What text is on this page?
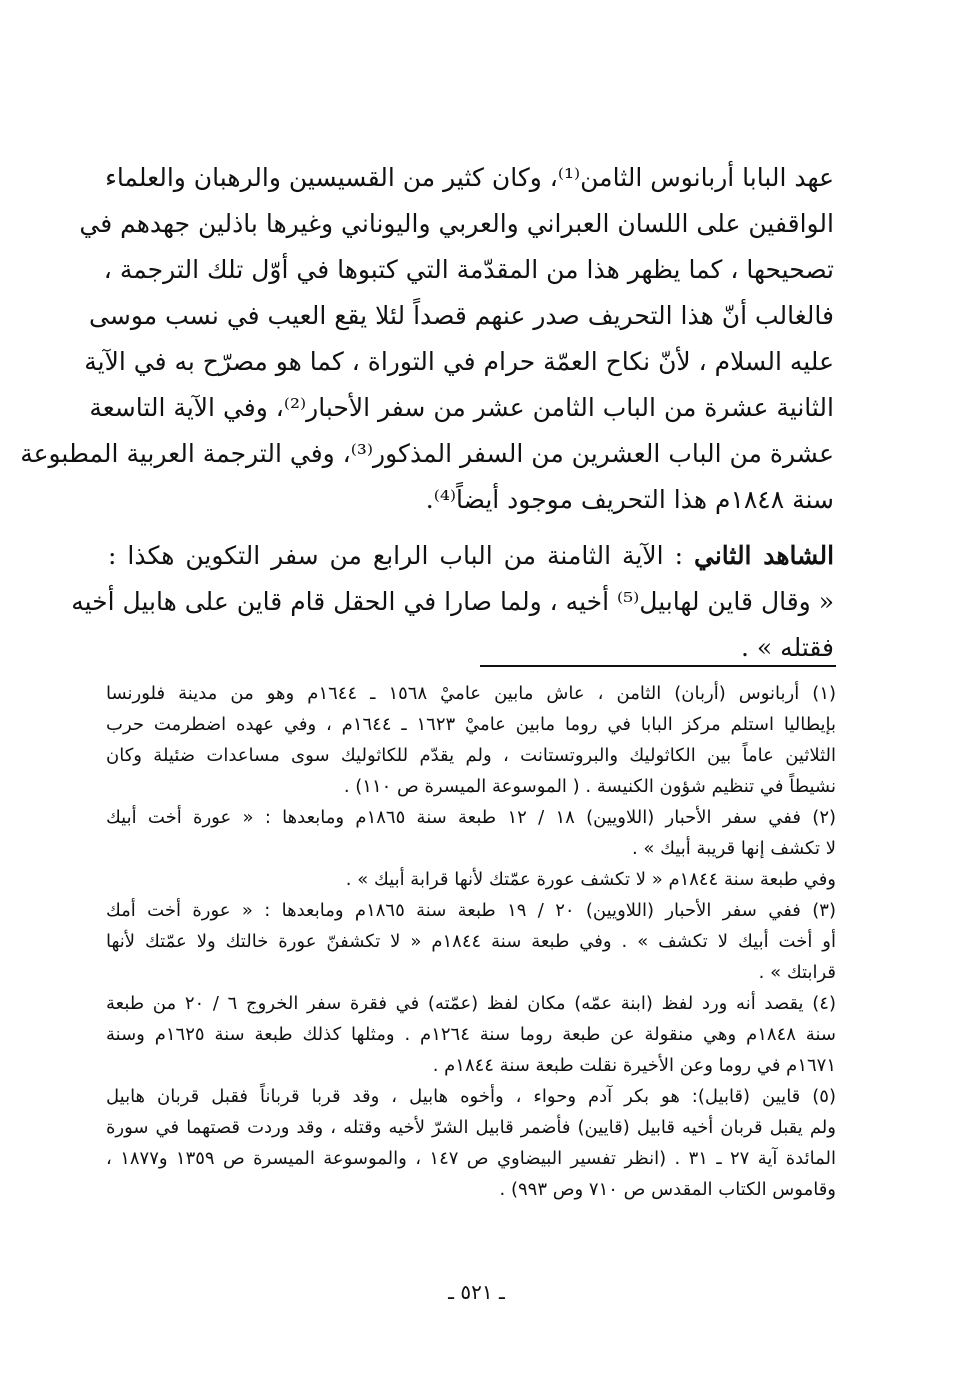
عهد البابا أربانوس الثامن⁽¹⁾، وكان كثير من القسيسين والرهبان والعلماء
الواقفين على اللسان العبراني والعربي واليوناني وغيرها باذلين جهدهم في
تصحيحها ، كما يظهر هذا من المقدّمة التي كتبوها في أوّل تلك الترجمة ،
فالغالب أنّ هذا التحريف صدر عنهم قصداً لئلا يقع العيب في نسب موسى
عليه السلام ، لأنّ نكاح العمّة حرام في التوراة ، كما هو مصرّح به في الآية
الثانية عشرة من الباب الثامن عشر من سفر الأحبار⁽²⁾، وفي الآية التاسعة
عشرة من الباب العشرين من السفر المذكور⁽³⁾، وفي الترجمة العربية المطبوعة
سنة ١٨٤٨م هذا التحريف موجود أيضاً⁽⁴⁾.
الشاهد الثاني : الآية الثامنة من الباب الرابع من سفر التكوين هكذا :
« وقال قاين لهابيل⁽⁵⁾ أخيه ، ولما صارا في الحقل قام قاين على هابيل أخيه
فقتله » .
(١) أربانوس (أربان) الثامن ، عاش مابين عاميْ ١٥٦٨ ـ ١٦٤٤م وهو من مدينة فلورنسا
بإيطاليا استلم مركز البابا في روما مابين عاميْ ١٦٢٣ ـ ١٦٤٤م ، وفي عهده اضطرمت حرب
الثلاثين عاماً بين الكاثوليك والبروتستانت ، ولم يقدّم للكاثوليك سوى مساعدات ضئيلة وكان
نشيطاً في تنظيم شؤون الكنيسة . ( الموسوعة الميسرة ص ١١٠) .
(٢) ففي سفر الأحبار (اللاويين) ١٨ / ١٢ طبعة سنة ١٨٦٥م ومابعدها : « عورة أخت أبيك
لا تكشف إنها قريبة أبيك » .
وفي طبعة سنة ١٨٤٤م « لا تكشف عورة عمّتك لأنها قرابة أبيك » .
(٣) ففي سفر الأحبار (اللاويين) ٢٠ / ١٩ طبعة سنة ١٨٦٥م ومابعدها : « عورة أخت أمك
أو أخت أبيك لا تكشف » . وفي طبعة سنة ١٨٤٤م « لا تكشفنّ عورة خالتك ولا عمّتك لأنها
قرابتك » .
(٤) يقصد أنه ورد لفظ (ابنة عمّه) مكان لفظ (عمّته) في فقرة سفر الخروج ٦ / ٢٠ من طبعة
سنة ١٨٤٨م وهي منقولة عن طبعة روما سنة ١٢٦٤م . ومثلها كذلك طبعة سنة ١٦٢٥م وسنة
١٦٧١م في روما وعن الأخيرة نقلت طبعة سنة ١٨٤٤م .
(٥) قايين (قابيل): هو بكر آدم وحواء ، وأخوه هابيل ، وقد قربا قرباناً فقبل قربان هابيل
ولم يقبل قربان أخيه قابيل (قايين) فأضمر قابيل الشرّ لأخيه وقتله ، وقد وردت قصتهما في سورة
المائدة آية ٢٧ ـ ٣١ . (انظر تفسير البيضاوي ص ١٤٧ ، والموسوعة الميسرة ص ١٣٥٩ و١٨٧٧ ،
وقاموس الكتاب المقدس ص ٧١٠ وص ٩٩٣) .
ـ ٥٢١ ـ
